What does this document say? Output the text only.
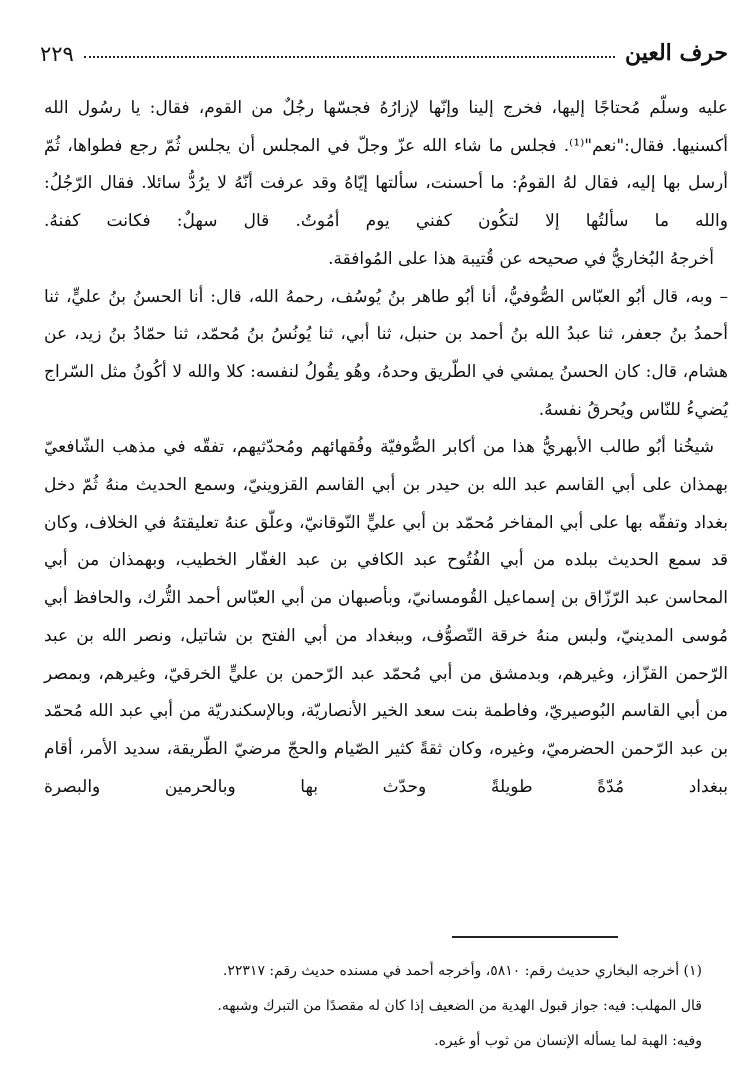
حرف العين
٢٢٩

عليه وسلّم مُحتاجًا إليها، فخرج إلينا وإنّها لإزارُهُ فجسّها رجُلٌ من القوم، فقال: يا رسُول الله أكسنيها. فقال:"نعم"⁽¹⁾. فجلس ما شاء الله عزّ وجلّ في المجلس أن يجلس ثُمّ رجع فطواها، ثُمّ أرسل بها إليه، فقال لهُ القومُ: ما أحسنت، سألتها إيّاهُ وقد عرفت أنّهُ لا يرُدُّ سائلا. فقال الرّجُلُ: والله ما سألتُها إلا لتكُون كفني يوم أمُوتُ. قال سهلٌ: فكانت كفنهُ.

أخرجهُ البُخاريُّ في صحيحه عن قُتيبة هذا على المُوافقة.

– وبه، قال أبُو العبّاس الصُّوفيُّ، أنا أبُو طاهر بنُ يُوسُف، رحمهُ الله، قال: أنا الحسنُ بنُ عليٍّ، ثنا أحمدُ بنُ جعفر، ثنا عبدُ الله بنُ أحمد بن حنبل، ثنا أبي، ثنا يُونُسُ بنُ مُحمّد، ثنا حمّادُ بنُ زيد، عن هشام، قال: كان الحسنُ يمشي في الطّريق وحدهُ، وهُو يقُولُ لنفسه: كلا والله لا أكُونُ مثل السّراج يُضيءُ للنّاس ويُحرقُ نفسهُ.

شيخُنا أبُو طالب الأبهريُّ هذا من أكابر الصُّوفيّة وفُقهائهم ومُحدّثيهم، تفقّه في مذهب الشّافعيّ بهمذان على أبي القاسم عبد الله بن حيدر بن أبي القاسم القزوينيّ، وسمع الحديث منهُ ثُمّ دخل بغداد وتفقّه بها على أبي المفاخر مُحمّد بن أبي عليٍّ النّوقانيّ، وعلّق عنهُ تعليقتهُ في الخلاف، وكان قد سمع الحديث ببلده من أبي الفُتُوح عبد الكافي بن عبد الغفّار الخطيب، وبهمذان من أبي المحاسن عبد الرّزّاق بن إسماعيل القُومسانيّ، وبأصبهان من أبي العبّاس أحمد التُّرك، والحافظ أبي مُوسى المدينيّ، ولبس منهُ خرقة التّصوُّف، وببغداد من أبي الفتح بن شاتيل، ونصر الله بن عبد الرّحمن القزّاز، وغيرهم، وبدمشق من أبي مُحمّد عبد الرّحمن بن عليٍّ الخرقيّ، وغيرهم، وبمصر من أبي القاسم البُوصيريّ، وفاطمة بنت سعد الخير الأنصاريّة، وبالإسكندريّة من أبي عبد الله مُحمّد بن عبد الرّحمن الحضرميّ، وغيره، وكان ثقةً كثير الصّيام والحجّ مرضيّ الطّريقة، سديد الأمر، أقام ببغداد مُدّةً طويلةً وحدّث بها وبالحرمين والبصرة

(١) أخرجه البخاري حديث رقم: ٥٨١٠، وأخرجه أحمد في مسنده حديث رقم: ٢٢٣١٧.

قال المهلب: فيه: جواز قبول الهدية من الضعيف إذا كان له مقصدًا من التبرك وشبهه.

وفيه: الهبة لما يسأله الإنسان من ثوب أو غيره.
